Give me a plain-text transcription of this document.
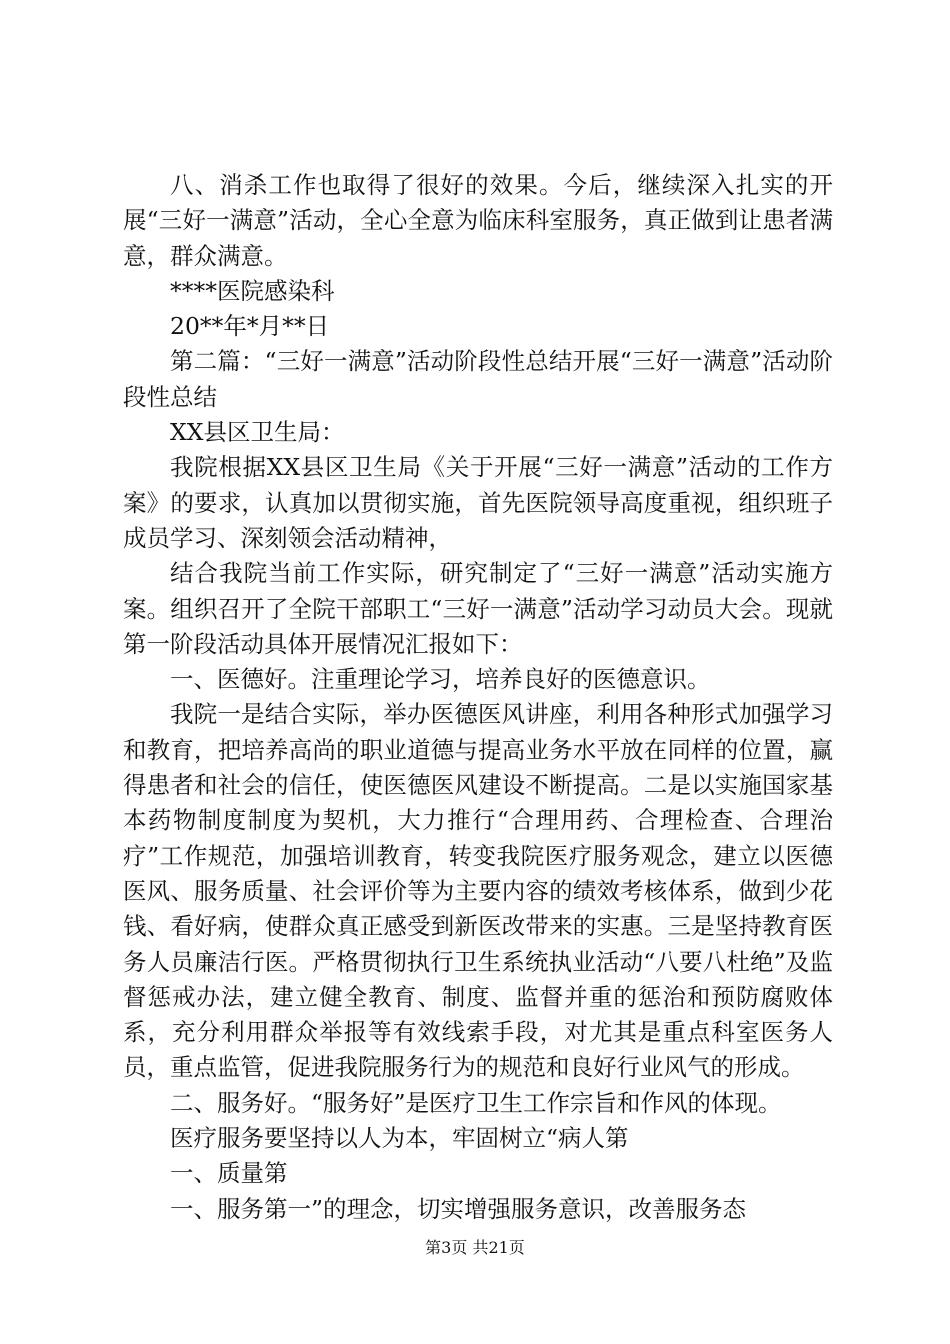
八、消杀工作也取得了很好的效果。今后，继续深入扎实的开展“三好一满意”活动，全心全意为临床科室服务，真正做到让患者满意，群众满意。

****医院感染科

20**年*月**日

第二篇：“三好一满意”活动阶段性总结开展“三好一满意”活动阶段性总结

XX县区卫生局：

我院根据XX县区卫生局《关于开展“三好一满意”活动的工作方案》的要求，认真加以贯彻实施，首先医院领导高度重视，组织班子成员学习、深刻领会活动精神，

结合我院当前工作实际，研究制定了“三好一满意”活动实施方案。组织召开了全院干部职工“三好一满意”活动学习动员大会。现就第一阶段活动具体开展情况汇报如下：

一、医德好。注重理论学习，培养良好的医德意识。

我院一是结合实际，举办医德医风讲座，利用各种形式加强学习和教育，把培养高尚的职业道德与提高业务水平放在同样的位置，赢得患者和社会的信任，使医德医风建设不断提高。二是以实施国家基本药物制度制度为契机，大力推行“合理用药、合理检查、合理治疗”工作规范，加强培训教育，转变我院医疗服务观念，建立以医德医风、服务质量、社会评价等为主要内容的绩效考核体系，做到少花钱、看好病，使群众真正感受到新医改带来的实惠。三是坚持教育医务人员廉洁行医。严格贯彻执行卫生系统执业活动“八要八杜绝”及监督惩戒办法，建立健全教育、制度、监督并重的惩治和预防腐败体系，充分利用群众举报等有效线索手段，对尤其是重点科室医务人员，重点监管，促进我院服务行为的规范和良好行业风气的形成。

二、服务好。“服务好”是医疗卫生工作宗旨和作风的体现。

医疗服务要坚持以人为本，牢固树立“病人第

一、质量第

一、服务第一”的理念，切实增强服务意识，改善服务态

第3页 共21页
